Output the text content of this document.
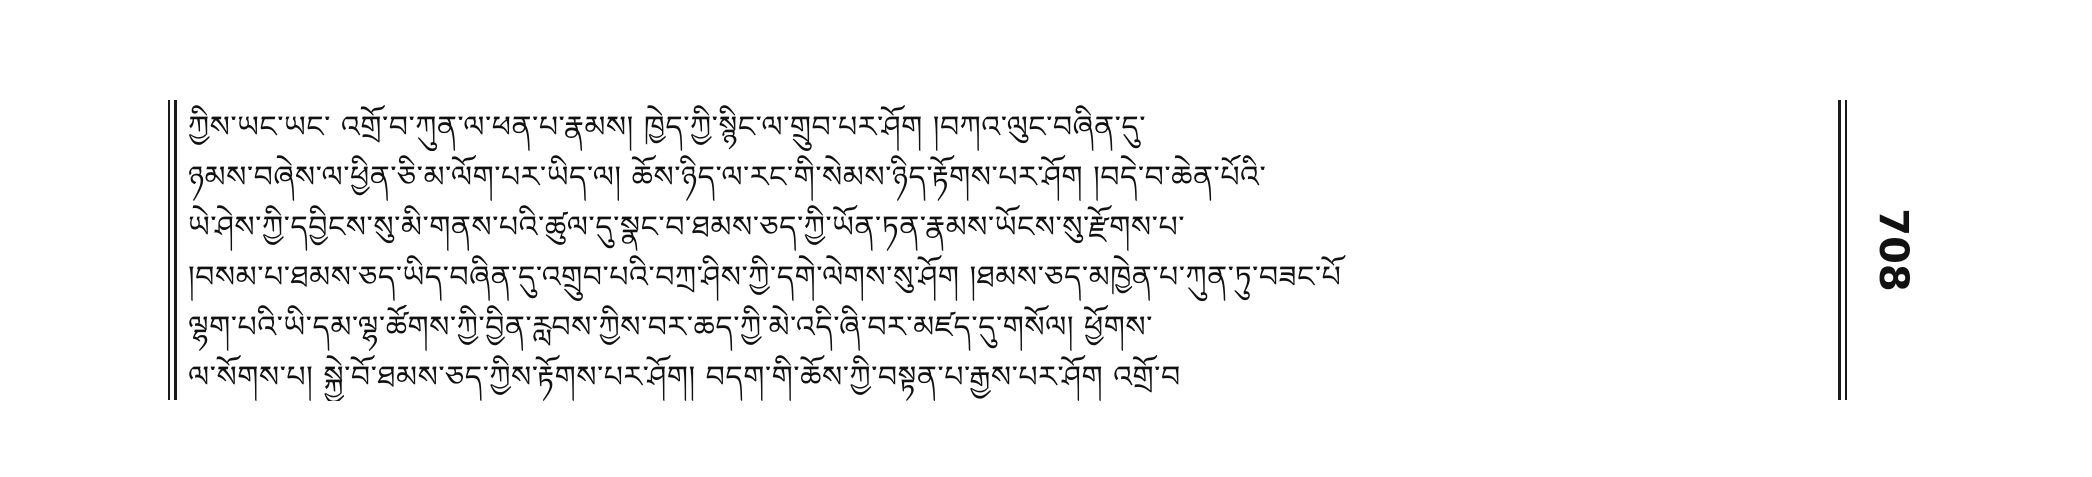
ཀྱིས་ཡང་ཡང་ འགྲོ་བ་ཀུན་ལ་ཕན་པ་རྣམས། ཁྱེད་ཀྱི་སྙིང་ལ་གྲུབ་པར་ཤོག །བཀའ་ལུང་བཞིན་དུ་
ཉམས་བཞེས་ལ་ཕྱིན་ཅི་མ་ལོག་པར་ཡིད་ལ། ཆོས་ཉིད་ལ་རང་གི་སེམས་ཉིད་རྟོགས་པར་ཤོག །བདེ་བ་ཆེན་པོའི་
ཡེ་ཤེས་ཀྱི་དབྱིངས་སུ་མི་གནས་པའི་ཚུལ་དུ་སྣང་བ་ཐམས་ཅད་ཀྱི་ཡོན་ཏན་རྣམས་ཡོངས་སུ་རྫོགས་པ་
།བསམ་པ་ཐམས་ཅད་ཡིད་བཞིན་དུ་འགྲུབ་པའི་བཀྲ་ཤིས་ཀྱི་དགེ་ལེགས་སུ་ཤོག །ཐམས་ཅད་མཁྱེན་པ་ཀུན་ཏུ་བཟང་པོ
ལྷག་པའི་ཡི་དམ་ལྷ་ཚོགས་ཀྱི་བྱིན་རླབས་ཀྱིས་བར་ཆད་ཀྱི་མེ་འདི་ཞི་བར་མཛད་དུ་གསོལ། ཕྱོགས་
ལ་སོགས་པ། སྐྱེ་བོ་ཐམས་ཅད་ཀྱིས་རྟོགས་པར་ཤོག། བདག་གི་ཆོས་ཀྱི་བསྟན་པ་རྒྱས་པར་ཤོག འགྲོ་བ
708
